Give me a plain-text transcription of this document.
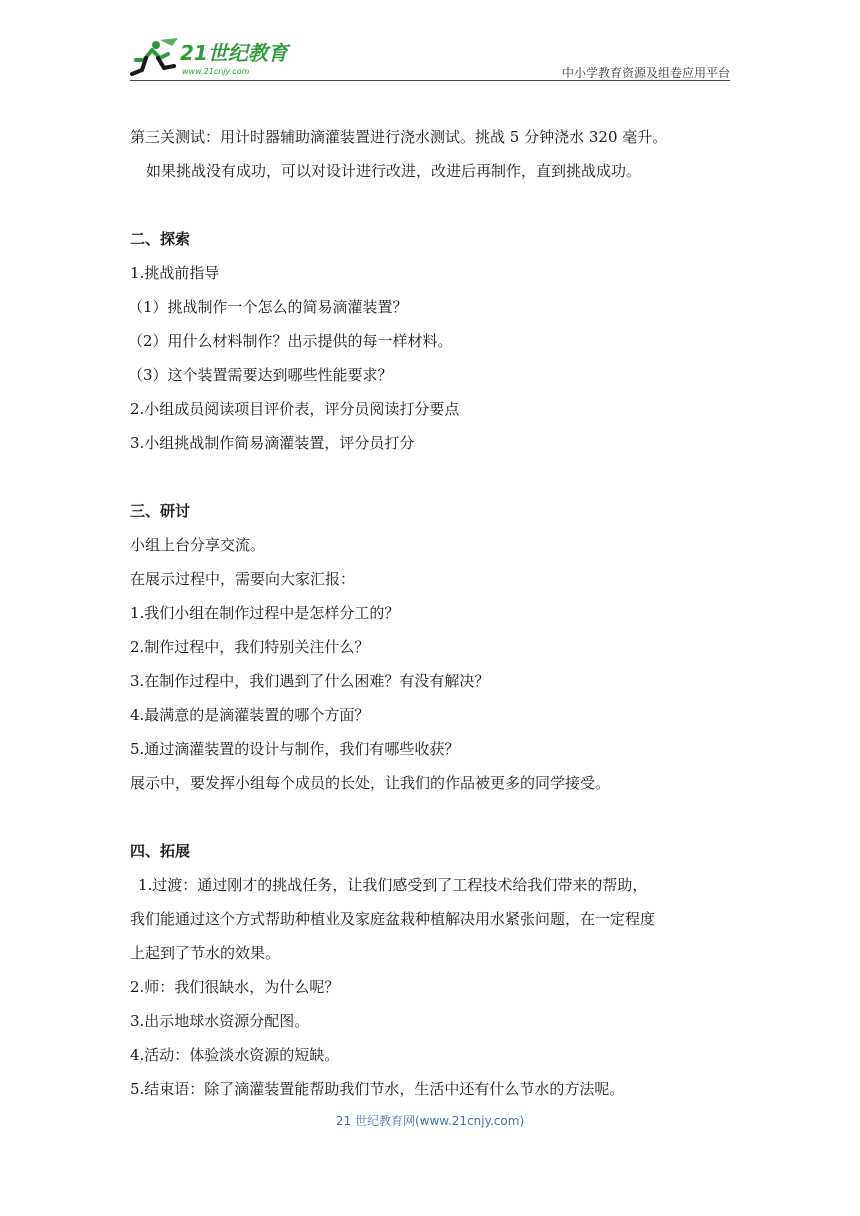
21世纪教育
www.21cnjy.com	中小学教育资源及组卷应用平台

第三关测试：用计时器辅助滴灌装置进行浇水测试。挑战 5 分钟浇水 320 毫升。

如果挑战没有成功，可以对设计进行改进，改进后再制作，直到挑战成功。

二、探索

1.挑战前指导

（1）挑战制作一个怎么的简易滴灌装置？

（2）用什么材料制作？出示提供的每一样材料。

（3）这个装置需要达到哪些性能要求？

2.小组成员阅读项目评价表，评分员阅读打分要点

3.小组挑战制作简易滴灌装置，评分员打分

三、研讨

小组上台分享交流。

在展示过程中，需要向大家汇报：

1.我们小组在制作过程中是怎样分工的？

2.制作过程中，我们特别关注什么？

3.在制作过程中，我们遇到了什么困难？有没有解决？

4.最满意的是滴灌装置的哪个方面？

5.通过滴灌装置的设计与制作，我们有哪些收获？

展示中，要发挥小组每个成员的长处，让我们的作品被更多的同学接受。

四、拓展

1.过渡：通过刚才的挑战任务，让我们感受到了工程技术给我们带来的帮助，

我们能通过这个方式帮助种植业及家庭盆栽种植解决用水紧张问题，在一定程度

上起到了节水的效果。

2.师：我们很缺水，为什么呢？

3.出示地球水资源分配图。

4.活动：体验淡水资源的短缺。

5.结束语：除了滴灌装置能帮助我们节水，生活中还有什么节水的方法呢。

21 世纪教育网(www.21cnjy.com)
